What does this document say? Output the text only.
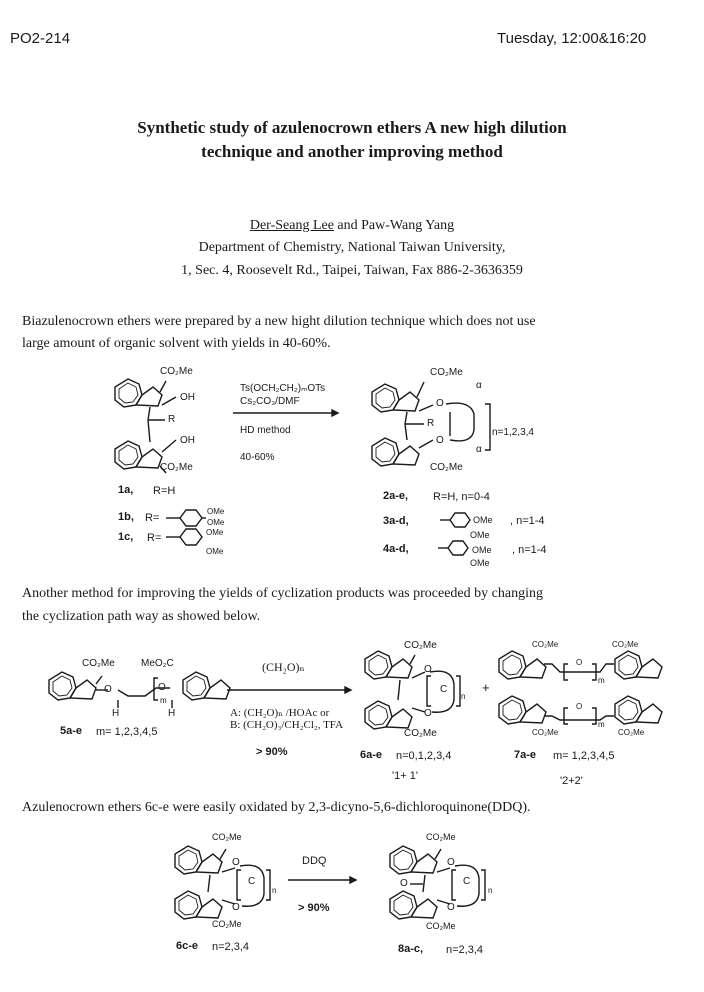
PO2-214	Tuesday, 12:00&16:20
Synthetic study of azulenocrown ethers A new high dilution
technique and another improving method
Der-Seang Lee and Paw-Wang Yang
Department of Chemistry, National Taiwan University,
1, Sec. 4, Roosevelt Rd., Taipei, Taiwan, Fax 886-2-3636359
Biazulenocrown ethers were prepared by a new hight dilution technique which does not use
large amount of organic solvent with yields in 40-60%.
CO₂Me
OH
R
OH
CO₂Me
Ts(OCH₂CH₂)ₘOTs
Cs₂CO₃/DMF
HD method
40-60%
CO₂Me
α
O
R
n=1,2,3,4
O
α
CO₂Me
1a, R=H
1b, R=
OMe
OMe
1c, R=	OMe
OMe
2a-e, R=H, n=0-4
3a-d,	OMe , n=1-4
OMe
4a-d,	OMe , n=1-4
OMe
Another method for improving the yields of cyclization products was proceeded by changing
the cyclization path way as showed below.
CO₂Me	MeO₂C
O	O
m
H	H
5a-e m= 1,2,3,4,5
(CH₂O)ₙ
A: (CH₂O)ₙ /HOAc or
B: (CH₂O)₃/CH₂Cl₂, TFA
> 90%
CO₂Me
O
C
n
O
CO₂Me
6a-e n=0,1,2,3,4
'1+ 1'
+
CO₂Me	CO₂Me
O
m
O
m
CO₂Me	CO₂Me
7a-e m= 1,2,3,4,5
'2+2'
Azulenocrown ethers 6c-e were easily oxidated by 2,3-dicyno-5,6-dichloroquinone(DDQ).
CO₂Me
O
C
n
O
CO₂Me
6c-e n=2,3,4
DDQ
> 90%
CO₂Me
O
O	C
n
O
CO₂Me
8a-c, n=2,3,4
